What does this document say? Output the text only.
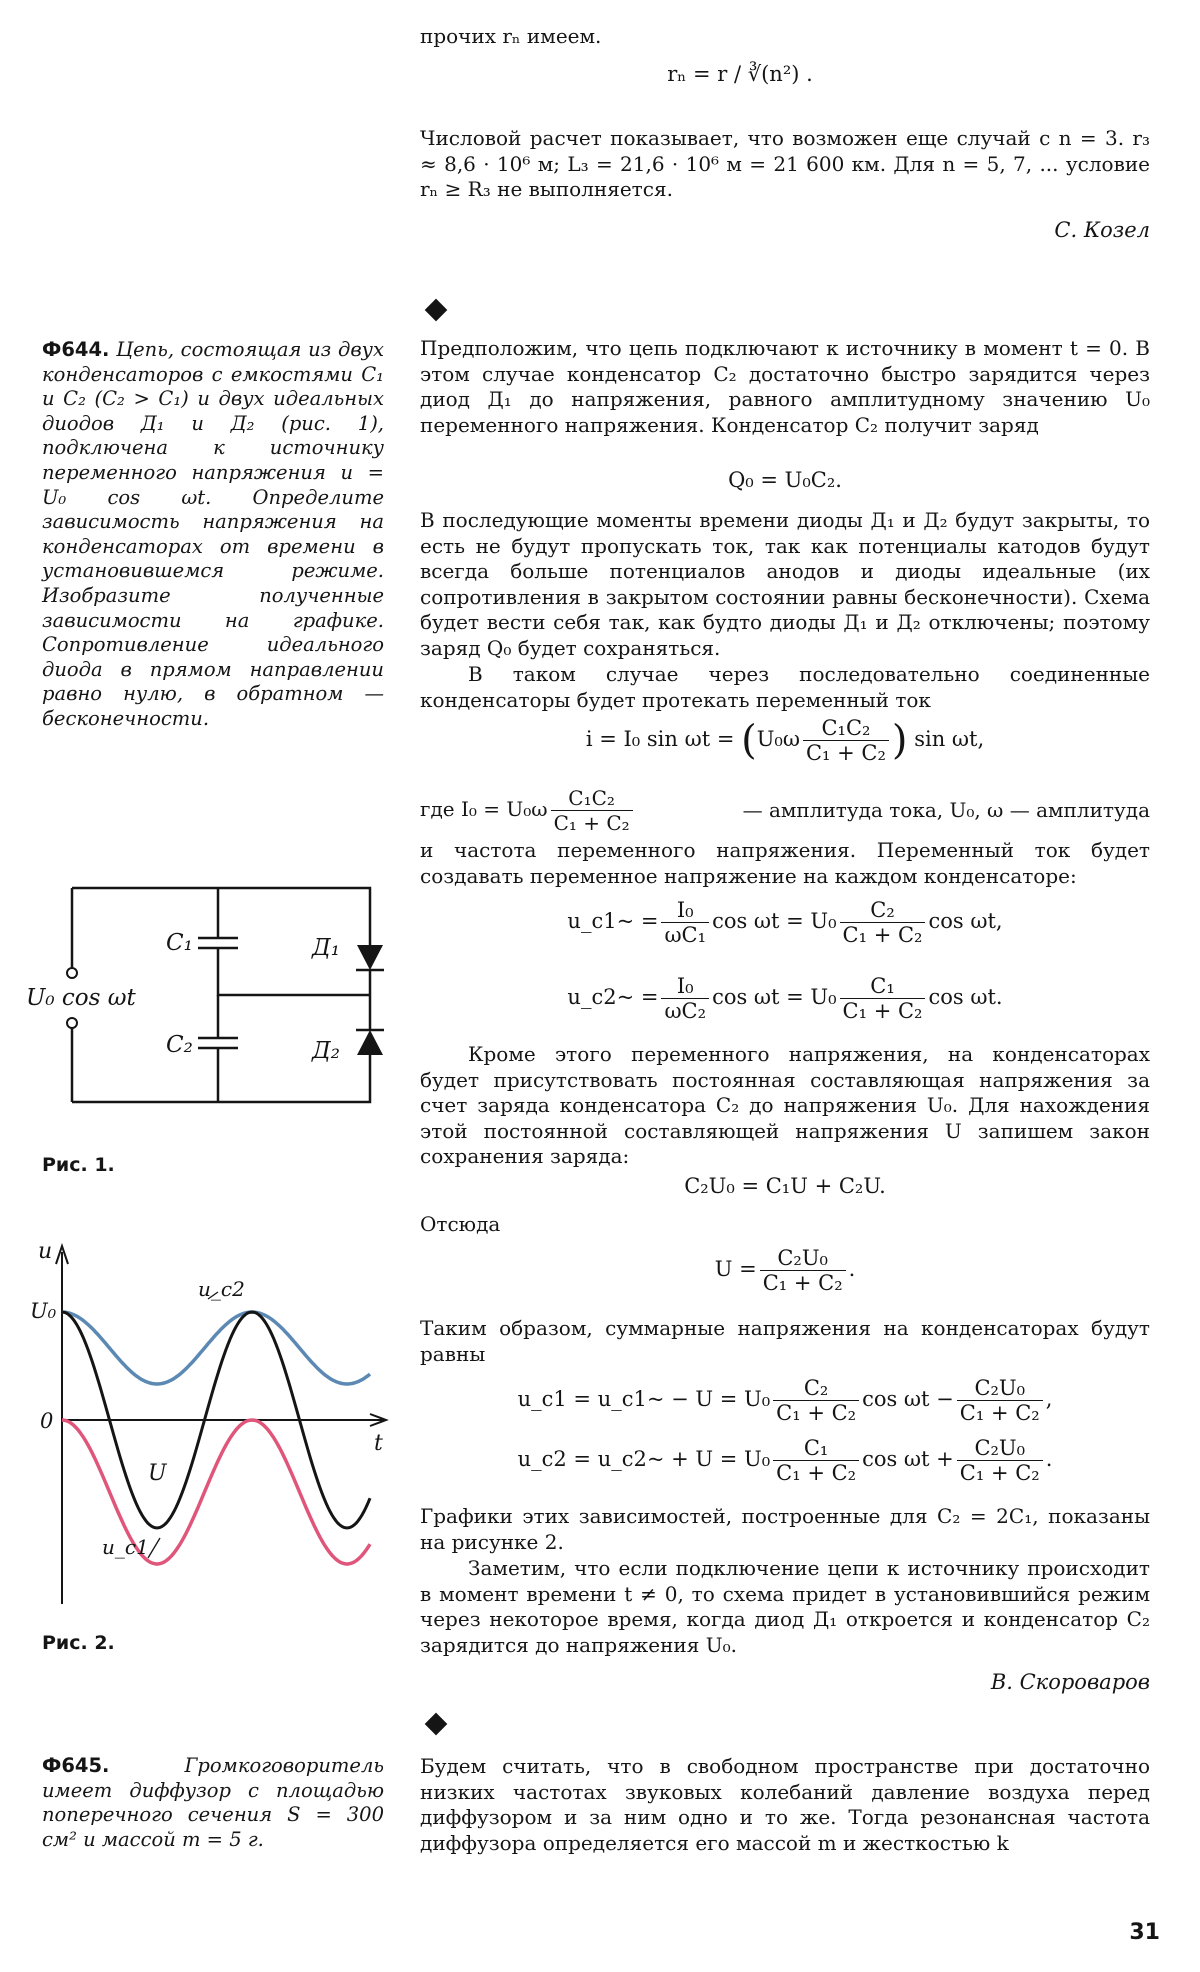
прочих rₙ имеем.
rₙ = r / ∛(n²) .
Числовой расчет показывает, что возможен еще случай с n = 3. r₃ ≈ 8,6 · 10⁶ м; L₃ = 21,6 · 10⁶ м = 21 600 км. Для n = 5, 7, ... условие rₙ ≥ R₃ не выполняется.
С. Козел
Ф644. Цепь, состоящая из двух конденсаторов с емкостями C₁ и C₂ (C₂ > C₁) и двух идеальных диодов Д₁ и Д₂ (рис. 1), подключена к источнику переменного напряжения u = U₀ cos ωt. Определите зависимость напряжения на конденсаторах от времени в установившемся режиме. Изобразите полученные зависимости на графике. Сопротивление идеального диода в прямом направлении равно нулю, в обратном — бесконечности.
U₀ cos ωt
C₁
C₂
Д₁
Д₂
Рис. 1.
u
U₀
0
t
u_c2
U
u_c1
Рис. 2.
Предположим, что цепь подключают к источнику в момент t = 0. В этом случае конденсатор C₂ достаточно быстро зарядится через диод Д₁ до напряжения, равного амплитудному значению U₀ переменного напряжения. Конденсатор C₂ получит заряд
Q₀ = U₀C₂.
В последующие моменты времени диоды Д₁ и Д₂ будут закрыты, то есть не будут пропускать ток, так как потенциалы катодов будут всегда больше потенциалов анодов и диоды идеальные (их сопротивления в закрытом состоянии равны бесконечности). Схема будет вести себя так, как будто диоды Д₁ и Д₂ отключены; поэтому заряд Q₀ будет сохраняться.
В таком случае через последовательно соединенные конденсаторы будет протекать переменный ток
i = I₀ $\sin \omega t = (U_0\omega \frac{\text{C₁C₂}}{\text{C₁ + C₂}}$ ) sin ωt,
где $I_0 = U_0\omega \frac{\text{C₁C₂}}{\text{C₁ + C₂}}$	— амплитуда тока, U₀, ω — амплитуда
и частота переменного напряжения. Переменный ток будет создавать переменное напряжение на каждом конденсаторе:
u_c1~ = $\frac{\text{I₀}}{\text{ωC₁}}$ $\cos \omega t = U_0 \frac{\text{C₂}}{\text{C₁ + C₂}}$ cos ωt,
u_c2~ = $\frac{\text{I₀}}{\text{ωC₂}}$ $\cos \omega t = U_0 \frac{\text{C₁}}{\text{C₁ + C₂}}$ cos ωt.
Кроме этого переменного напряжения, на конденсаторах будет присутствовать постоянная составляющая напряжения за счет заряда конденсатора C₂ до напряжения U₀. Для нахождения этой постоянной составляющей напряжения U запишем закон сохранения заряда:
C₂U₀ = C₁U + C₂U.
Отсюда
$U = \frac{\text{C₂U₀}}{\text{C₁ + C₂}}$ .
Таким образом, суммарные напряжения на конденсаторах будут равны
u_c1 = u_c1~ − $U = U_0 \frac{\text{C₂}}{\text{C₁ + C₂}}$ $\cos \omega t - \frac{\text{C₂U₀}}{\text{C₁ + C₂}}$ ,
u_c2 = u_c2~ + $U = U_0 \frac{\text{C₁}}{\text{C₁ + C₂}}$ $\cos \omega t + \frac{\text{C₂U₀}}{\text{C₁ + C₂}}$ .
Графики этих зависимостей, построенные для C₂ = 2C₁, показаны на рисунке 2.
Заметим, что если подключение цепи к источнику происходит в момент времени t ≠ 0, то схема придет в установившийся режим через некоторое время, когда диод Д₁ откроется и конденсатор C₂ зарядится до напряжения U₀.
В. Скороваров
Ф645.	Громкоговоритель имеет диффузор с площадью поперечного сечения S = 300 см² и массой m = 5 г.
Будем считать, что в свободном пространстве при достаточно низких частотах звуковых колебаний давление воздуха перед диффузором и за ним одно и то же. Тогда резонансная частота диффузора определяется его массой m и жесткостью k
31
